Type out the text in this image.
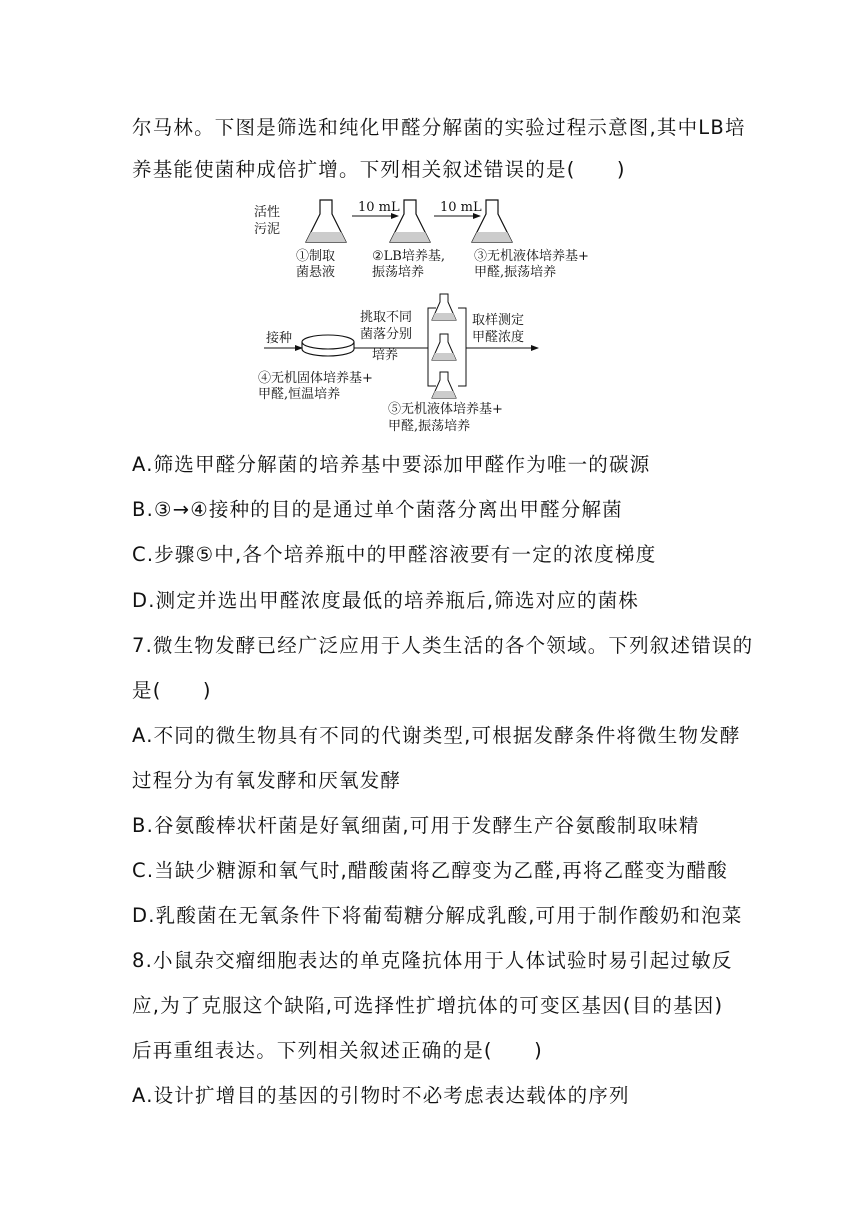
尔马林。下图是筛选和纯化甲醛分解菌的实验过程示意图,其中LB培
养基能使菌种成倍扩增。下列相关叙述错误的是(　　)
活性
污泥
10 mL	10 mL
①制取
菌悬液
②LB培养基,
振荡培养
③无机液体培养基+
甲醛,振荡培养
接种
挑取不同
菌落分别
培养
取样测定
甲醛浓度
④无机固体培养基+
甲醛,恒温培养
⑤无机液体培养基+
甲醛,振荡培养
A.筛选甲醛分解菌的培养基中要添加甲醛作为唯一的碳源
B.③→④接种的目的是通过单个菌落分离出甲醛分解菌
C.步骤⑤中,各个培养瓶中的甲醛溶液要有一定的浓度梯度
D.测定并选出甲醛浓度最低的培养瓶后,筛选对应的菌株
7.微生物发酵已经广泛应用于人类生活的各个领域。下列叙述错误的
是(　　)
A.不同的微生物具有不同的代谢类型,可根据发酵条件将微生物发酵
过程分为有氧发酵和厌氧发酵
B.谷氨酸棒状杆菌是好氧细菌,可用于发酵生产谷氨酸制取味精
C.当缺少糖源和氧气时,醋酸菌将乙醇变为乙醛,再将乙醛变为醋酸
D.乳酸菌在无氧条件下将葡萄糖分解成乳酸,可用于制作酸奶和泡菜
8.小鼠杂交瘤细胞表达的单克隆抗体用于人体试验时易引起过敏反
应,为了克服这个缺陷,可选择性扩增抗体的可变区基因(目的基因)
后再重组表达。下列相关叙述正确的是(　　)
A.设计扩增目的基因的引物时不必考虑表达载体的序列
